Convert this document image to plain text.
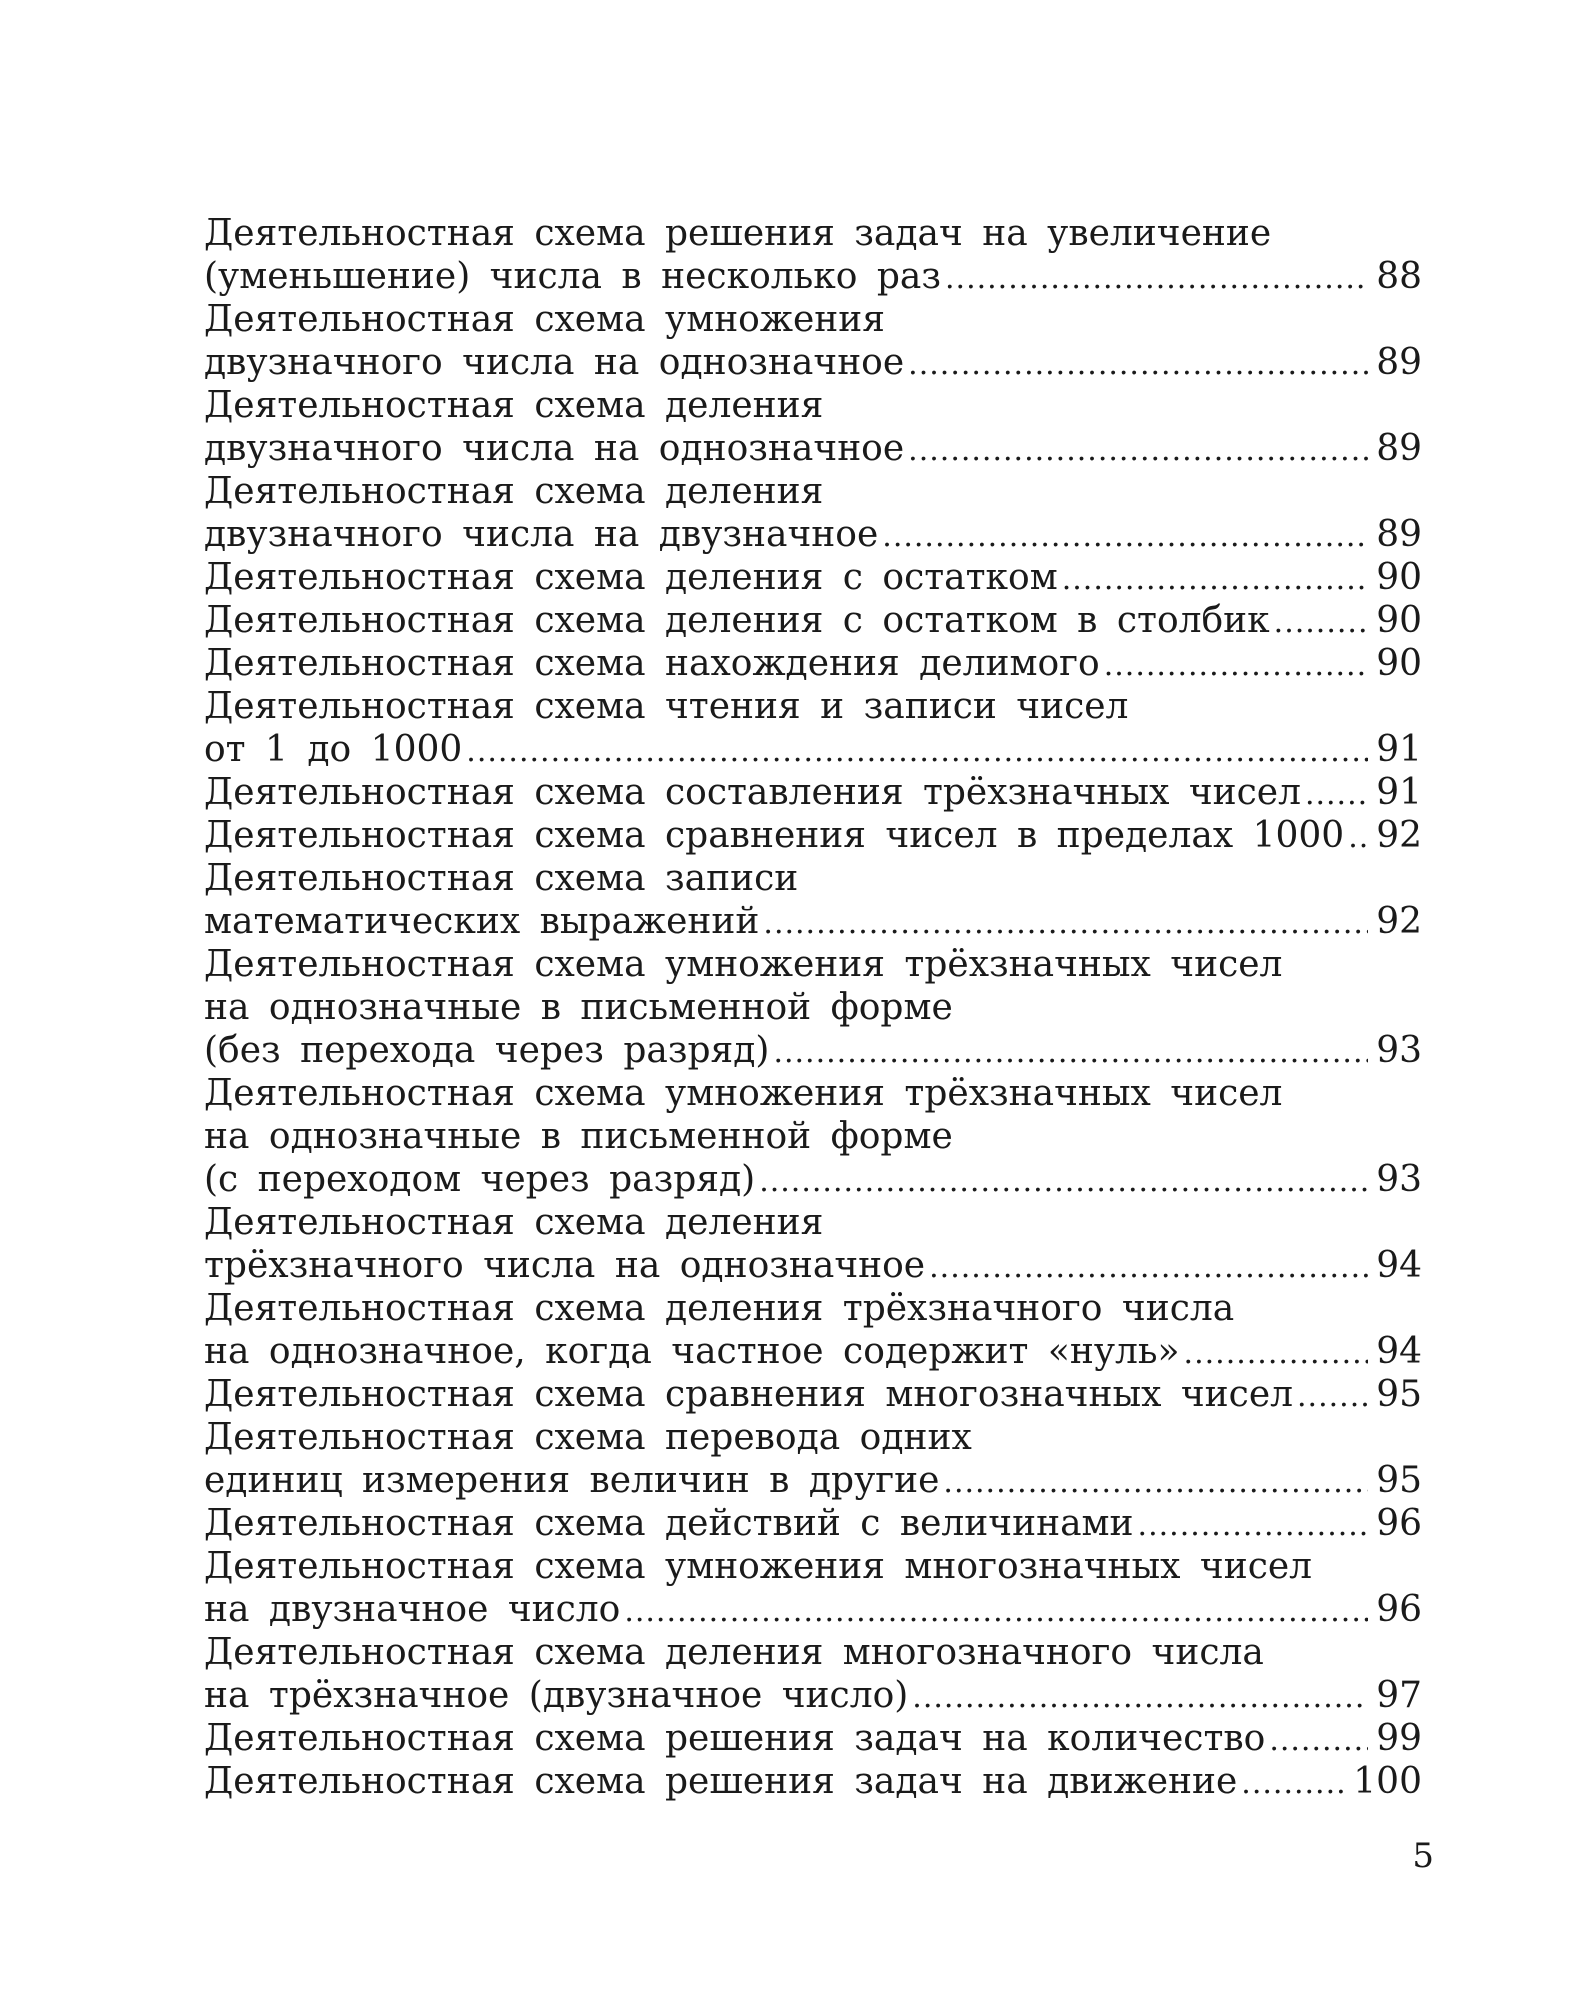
Деятельностная схема решения задач на увеличение
(уменьшение) числа в несколько раз .....	88
Деятельностная схема умножения
двузначного числа на однозначное .....	89
Деятельностная схема деления
двузначного числа на однозначное .....	89
Деятельностная схема деления
двузначного числа на двузначное .....	89
Деятельностная схема деления с остатком .....	90
Деятельностная схема деления с остатком в столбик .....	90
Деятельностная схема нахождения делимого .....	90
Деятельностная схема чтения и записи чисел
от 1 до 1000 .....	91
Деятельностная схема составления трёхзначных чисел ..... 91
Деятельностная схема сравнения чисел в пределах 1000 ..... 92
Деятельностная схема записи
математических выражений .....	92
Деятельностная схема умножения трёхзначных чисел
на однозначные в письменной форме
(без перехода через разряд) .....	93
Деятельностная схема умножения трёхзначных чисел
на однозначные в письменной форме
(с переходом через разряд) .....	93
Деятельностная схема деления
трёхзначного числа на однозначное .....	94
Деятельностная схема деления трёхзначного числа
на однозначное, когда частное содержит «нуль» .....	94
Деятельностная схема сравнения многозначных чисел ..... 95
Деятельностная схема перевода одних
единиц измерения величин в другие .....	95
Деятельностная схема действий с величинами .....	96
Деятельностная схема умножения многозначных чисел
на двузначное число .....	96
Деятельностная схема деления многозначного числа
на трёхзначное (двузначное число) .....	97
Деятельностная схема решения задач на количество .....	99
Деятельностная схема решения задач на движение .....	100
5
